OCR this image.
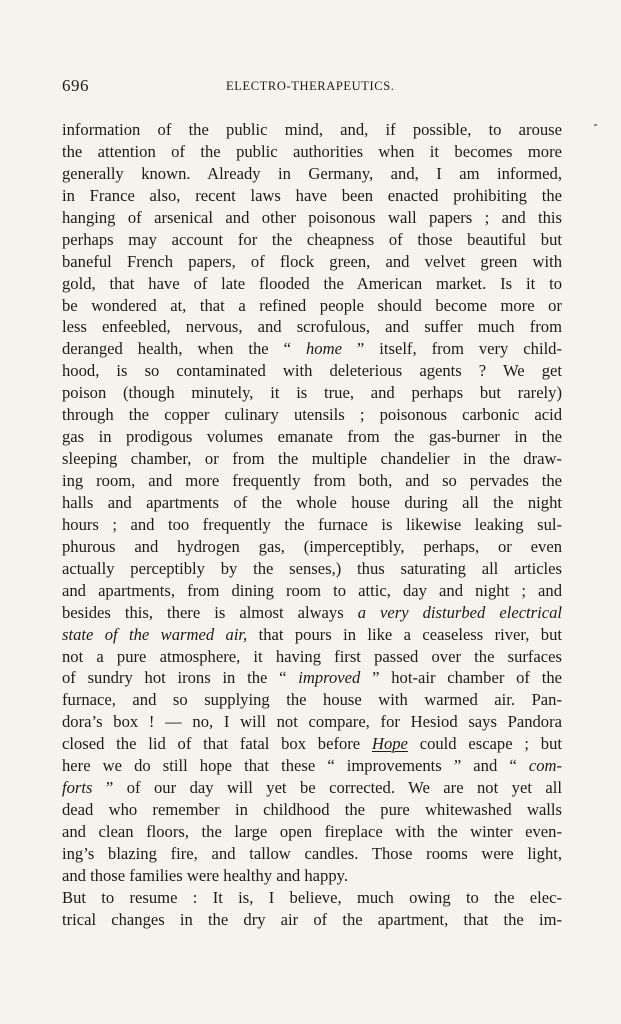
696	ELECTRO-THERAPEUTICS.
information of the public mind, and, if possible, to arouse
the attention of the public authorities when it becomes more
generally known. Already in Germany, and, I am informed,
in France also, recent laws have been enacted prohibiting the
hanging of arsenical and other poisonous wall papers ; and this
perhaps may account for the cheapness of those beautiful but
baneful French papers, of flock green, and velvet green with
gold, that have of late flooded the American market. Is it to
be wondered at, that a refined people should become more or
less enfeebled, nervous, and scrofulous, and suffer much from
deranged health, when the “ home ” itself, from very child-
hood, is so contaminated with deleterious agents ? We get
poison (though minutely, it is true, and perhaps but rarely)
through the copper culinary utensils ; poisonous carbonic acid
gas in prodigous volumes emanate from the gas-burner in the
sleeping chamber, or from the multiple chandelier in the draw-
ing room, and more frequently from both, and so pervades the
halls and apartments of the whole house during all the night
hours ; and too frequently the furnace is likewise leaking sul-
phurous and hydrogen gas, (imperceptibly, perhaps, or even
actually perceptibly by the senses,) thus saturating all articles
and apartments, from dining room to attic, day and night ; and
besides this, there is almost always a very disturbed electrical
state of the warmed air, that pours in like a ceaseless river, but
not a pure atmosphere, it having first passed over the surfaces
of sundry hot irons in the “ improved ” hot-air chamber of the
furnace, and so supplying the house with warmed air. Pan-
dora’s box ! — no, I will not compare, for Hesiod says Pandora
closed the lid of that fatal box before Hope could escape ; but
here we do still hope that these “ improvements ” and “ com-
forts ” of our day will yet be corrected. We are not yet all
dead who remember in childhood the pure whitewashed walls
and clean floors, the large open fireplace with the winter even-
ing’s blazing fire, and tallow candles. Those rooms were light,
and those families were healthy and happy.
But to resume : It is, I believe, much owing to the elec-
trical changes in the dry air of the apartment, that the im-
